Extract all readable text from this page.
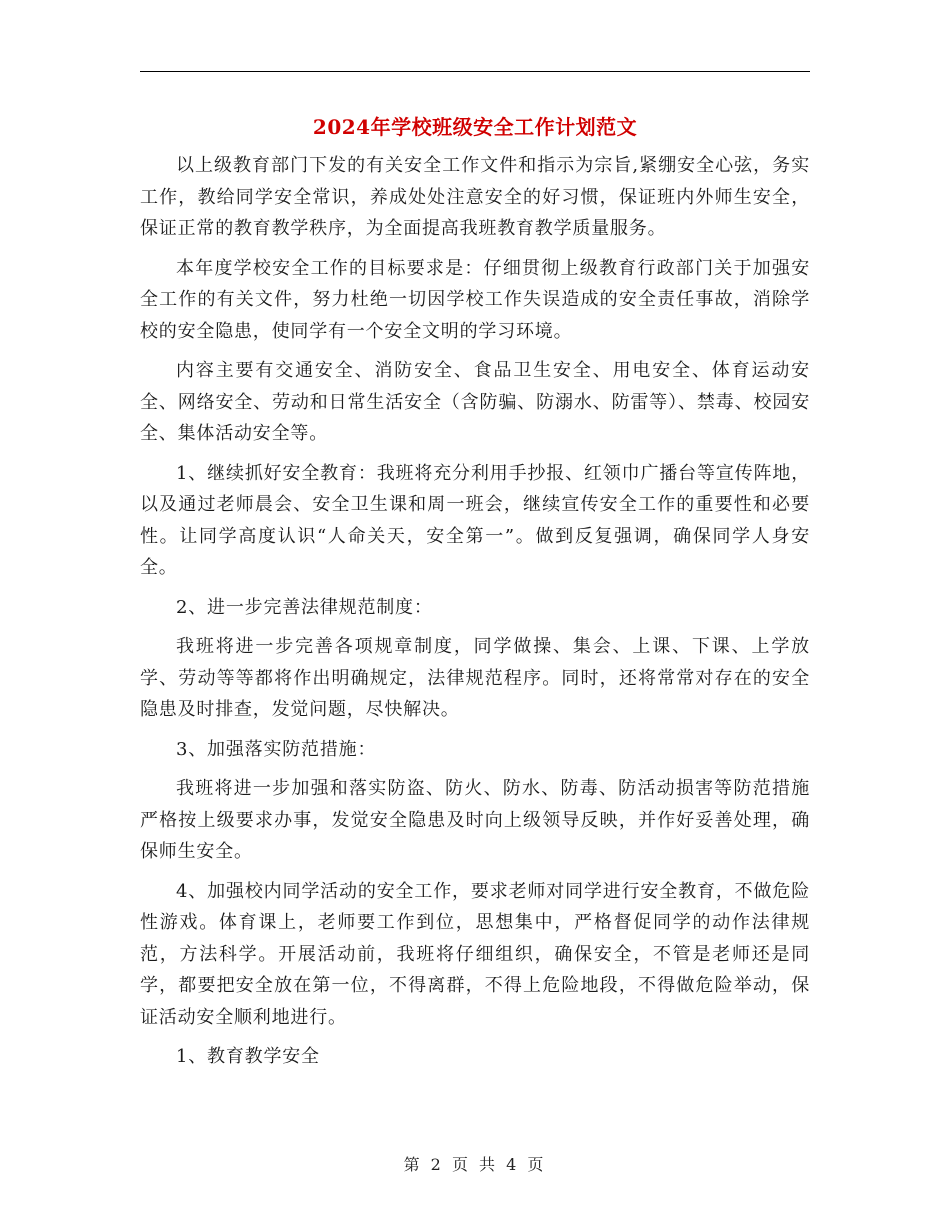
2024年学校班级安全工作计划范文

以上级教育部门下发的有关安全工作文件和指示为宗旨,紧绷安全心弦，务实工作，教给同学安全常识，养成处处注意安全的好习惯，保证班内外师生安全，保证正常的教育教学秩序，为全面提高我班教育教学质量服务。

本年度学校安全工作的目标要求是：仔细贯彻上级教育行政部门关于加强安全工作的有关文件，努力杜绝一切因学校工作失误造成的安全责任事故，消除学校的安全隐患，使同学有一个安全文明的学习环境。

内容主要有交通安全、消防安全、食品卫生安全、用电安全、体育运动安全、网络安全、劳动和日常生活安全（含防骗、防溺水、防雷等）、禁毒、校园安全、集体活动安全等。

1、继续抓好安全教育：我班将充分利用手抄报、红领巾广播台等宣传阵地，以及通过老师晨会、安全卫生课和周一班会，继续宣传安全工作的重要性和必要性。让同学高度认识“人命关天，安全第一”。做到反复强调，确保同学人身安全。

2、进一步完善法律规范制度：

我班将进一步完善各项规章制度，同学做操、集会、上课、下课、上学放学、劳动等等都将作出明确规定，法律规范程序。同时，还将常常对存在的安全隐患及时排查，发觉问题，尽快解决。

3、加强落实防范措施：

我班将进一步加强和落实防盗、防火、防水、防毒、防活动损害等防范措施严格按上级要求办事，发觉安全隐患及时向上级领导反映，并作好妥善处理，确保师生安全。

4、加强校内同学活动的安全工作，要求老师对同学进行安全教育，不做危险性游戏。体育课上，老师要工作到位，思想集中，严格督促同学的动作法律规范，方法科学。开展活动前，我班将仔细组织，确保安全，不管是老师还是同学，都要把安全放在第一位，不得离群，不得上危险地段，不得做危险举动，保证活动安全顺利地进行。

1、教育教学安全

第 2 页 共 4 页
